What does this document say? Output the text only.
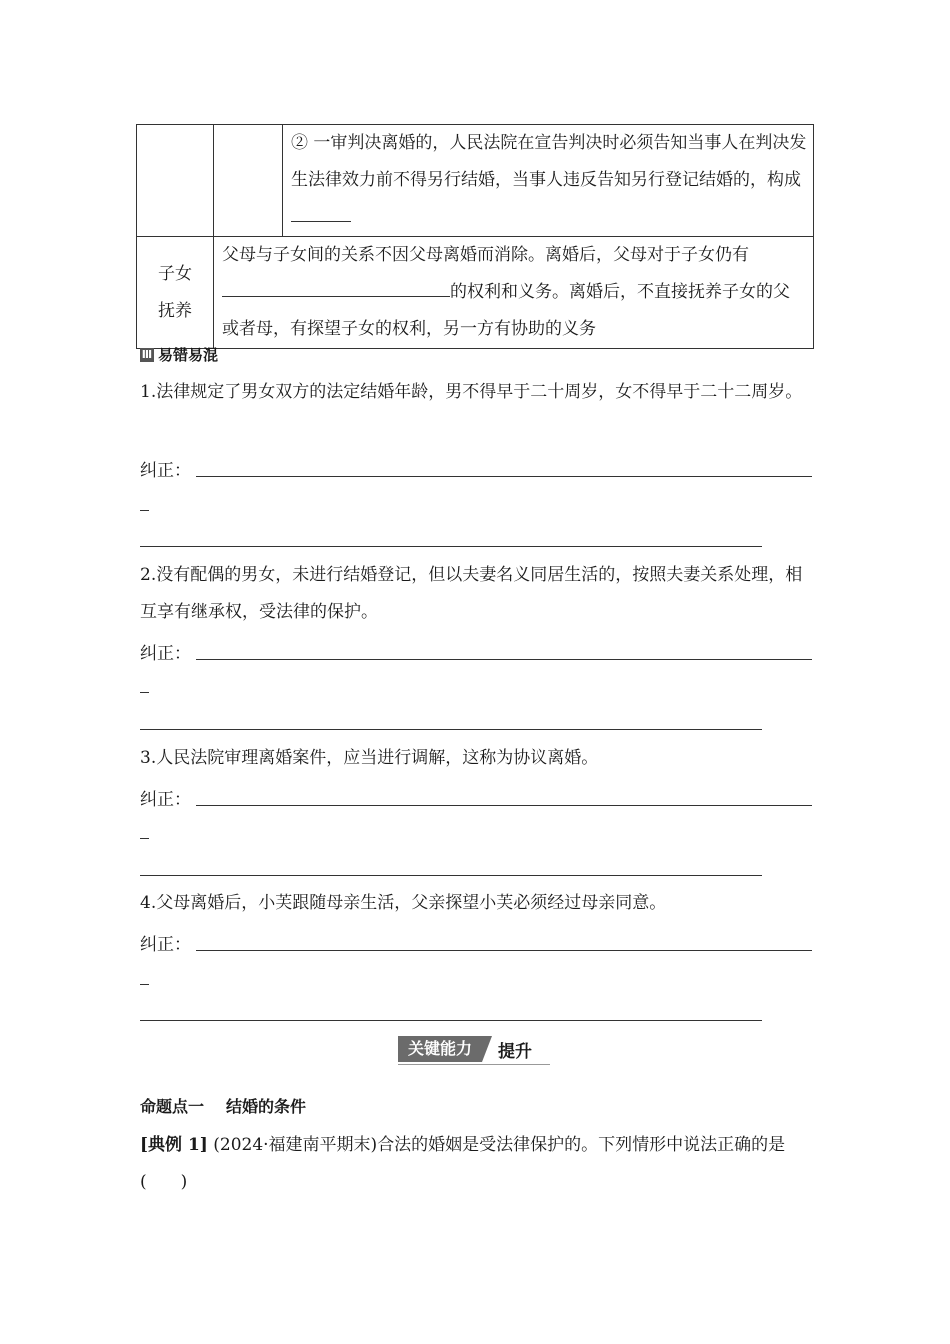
		② 一审判决离婚的，人民法院在宣告判决时必须告知当事人在判决发生法律效力前不得另行结婚，当事人违反告知另行登记结婚的，构成

子女
抚养	父母与子女间的关系不因父母离婚而消除。离婚后，父母对于子女仍有的权利和义务。离婚后，不直接抚养子女的父或者母，有探望子女的权利，另一方有协助的义务	
Ⅲ 易错易混
1.法律规定了男女双方的法定结婚年龄，男不得早于二十周岁，女不得早于二十二周岁。
纠正：
2.没有配偶的男女，未进行结婚登记，但以夫妻名义同居生活的，按照夫妻关系处理，相互享有继承权，受法律的保护。
纠正：
3.人民法院审理离婚案件，应当进行调解，这称为协议离婚。
纠正：
4.父母离婚后，小芙跟随母亲生活，父亲探望小芙必须经过母亲同意。
纠正：
关键能力	提升
命题点一 结婚的条件
[典例 1] (2024·福建南平期末)合法的婚姻是受法律保护的。下列情形中说法正确的是(　　)
